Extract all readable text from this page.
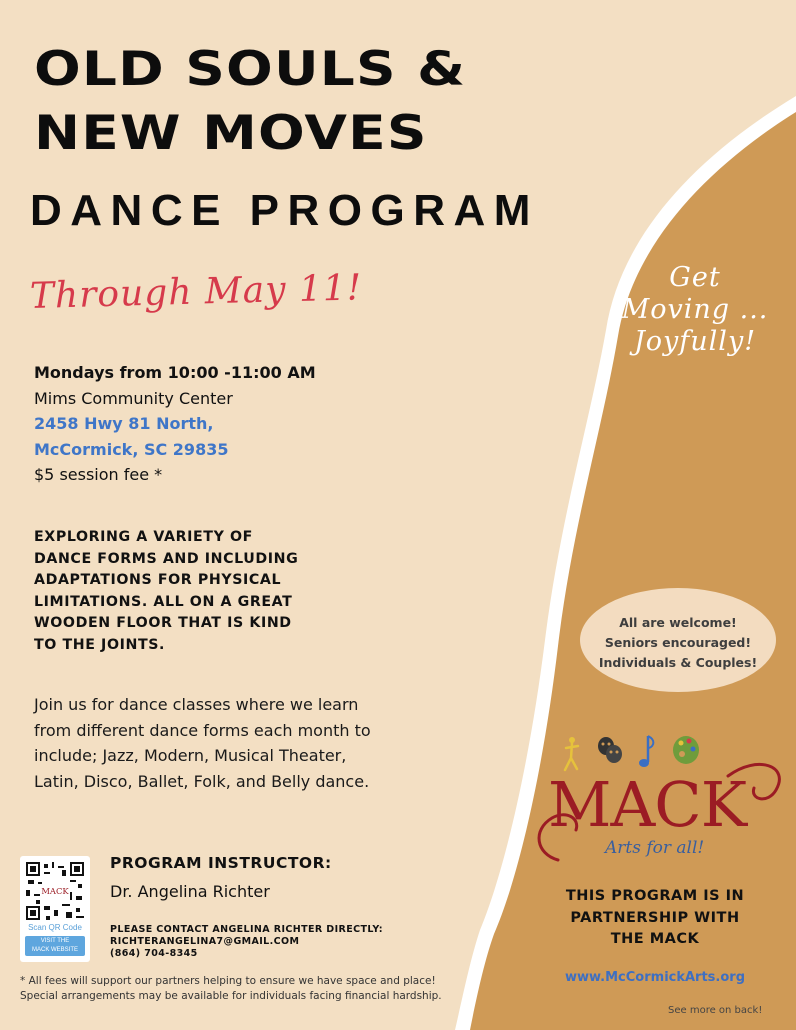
OLD SOULS &
NEW MOVES
DANCE PROGRAM
Through May 11!
Mondays from 10:00 -11:00 AM
Mims Community Center
2458 Hwy 81 North,
McCormick, SC 29835
$5 session fee *
EXPLORING A VARIETY OF
DANCE FORMS AND INCLUDING
ADAPTATIONS FOR PHYSICAL
LIMITATIONS. ALL ON A GREAT
WOODEN FLOOR THAT IS KIND
TO THE JOINTS.
Join us for dance classes where we learn
from different dance forms each month to
include; Jazz, Modern, Musical Theater,
Latin, Disco, Ballet, Folk, and Belly dance.
MACK
Scan QR Code
VISIT THE
MACK WEBSITE
PROGRAM INSTRUCTOR:
Dr. Angelina Richter
PLEASE CONTACT ANGELINA RICHTER DIRECTLY:
RICHTERANGELINA7@GMAIL.COM
(864) 704-8345
* All fees will support our partners helping to ensure we have space and place!
Special arrangements may be available for individuals facing financial hardship.
Get
Moving ...
Joyfully!
All are welcome!
Seniors encouraged!
Individuals & Couples!
MACK
Arts for all!
THIS PROGRAM IS IN
PARTNERSHIP WITH
THE MACK
www.McCormickArts.org
See more on back!
